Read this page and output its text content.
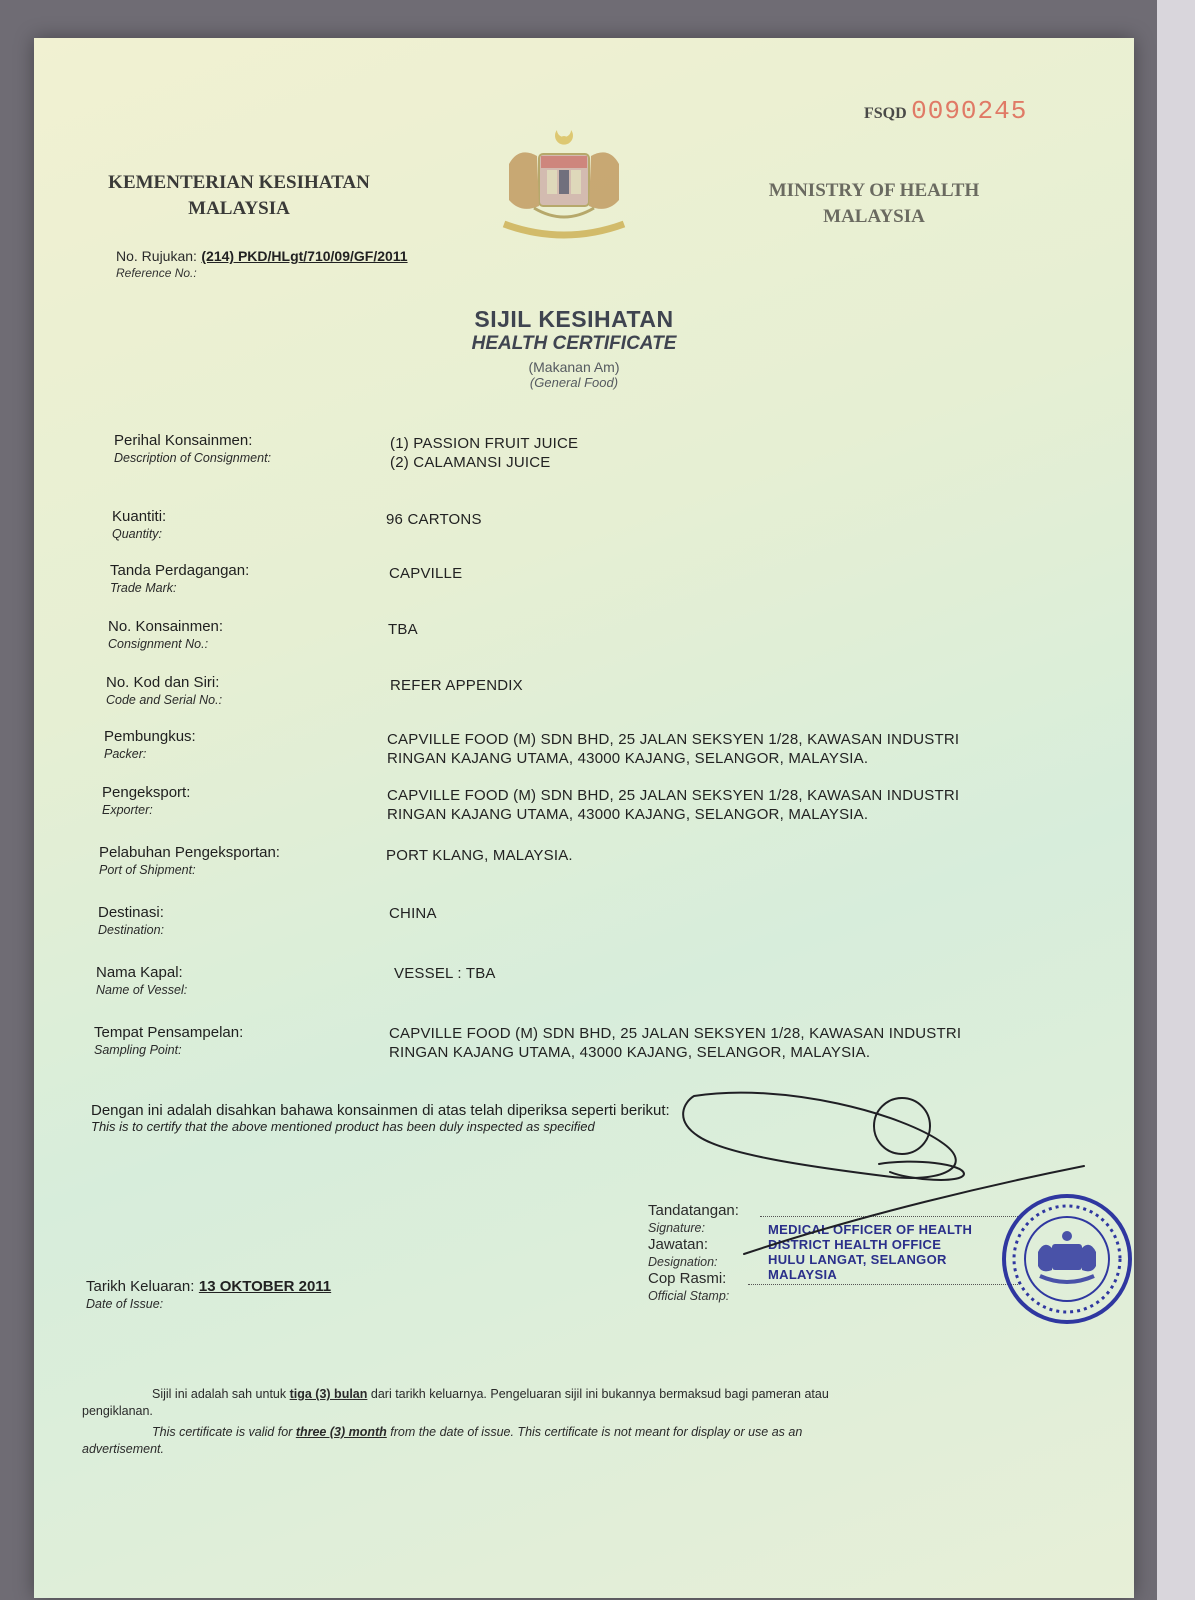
KEMENTERIAN KESIHATAN
MALAYSIA
FSQD 0090245
MINISTRY OF HEALTH
MALAYSIA
No. Rujukan: (214) PKD/HLgt/710/09/GF/2011
Reference No.:
SIJIL KESIHATAN
HEALTH CERTIFICATE
(Makanan Am)
(General Food)
Perihal Konsainmen:
Description of Consignment:
(1) PASSION FRUIT JUICE
(2) CALAMANSI JUICE
Kuantiti:
Quantity:
96 CARTONS
Tanda Perdagangan:
Trade Mark:
CAPVILLE
No. Konsainmen:
Consignment No.:
TBA
No. Kod dan Siri:
Code and Serial No.:
REFER APPENDIX
Pembungkus:
Packer:
CAPVILLE FOOD (M) SDN BHD, 25 JALAN SEKSYEN 1/28, KAWASAN INDUSTRI
RINGAN KAJANG UTAMA, 43000 KAJANG, SELANGOR, MALAYSIA.
Pengeksport:
Exporter:
CAPVILLE FOOD (M) SDN BHD, 25 JALAN SEKSYEN 1/28, KAWASAN INDUSTRI
RINGAN KAJANG UTAMA, 43000 KAJANG, SELANGOR, MALAYSIA.
Pelabuhan Pengeksportan:
Port of Shipment:
PORT KLANG, MALAYSIA.
Destinasi:
Destination:
CHINA
Nama Kapal:
Name of Vessel:
VESSEL : TBA
Tempat Pensampelan:
Sampling Point:
CAPVILLE FOOD (M) SDN BHD, 25 JALAN SEKSYEN 1/28, KAWASAN INDUSTRI
RINGAN KAJANG UTAMA, 43000 KAJANG, SELANGOR, MALAYSIA.
Dengan ini adalah disahkan bahawa konsainmen di atas telah diperiksa seperti berikut:
This is to certify that the above mentioned product has been duly inspected as specified
Tandatangan:
Signature:
Jawatan:
Designation:
Cop Rasmi:
Official Stamp:
MEDICAL OFFICER OF HEALTH
DISTRICT HEALTH OFFICE
HULU LANGAT, SELANGOR
MALAYSIA
Tarikh Keluaran: 13 OKTOBER 2011
Date of Issue:
Sijil ini adalah sah untuk tiga (3) bulan dari tarikh keluarnya. Pengeluaran sijil ini bukannya bermaksud bagi pameran atau
pengiklanan.
This certificate is valid for three (3) month from the date of issue. This certificate is not meant for display or use as an
advertisement.
